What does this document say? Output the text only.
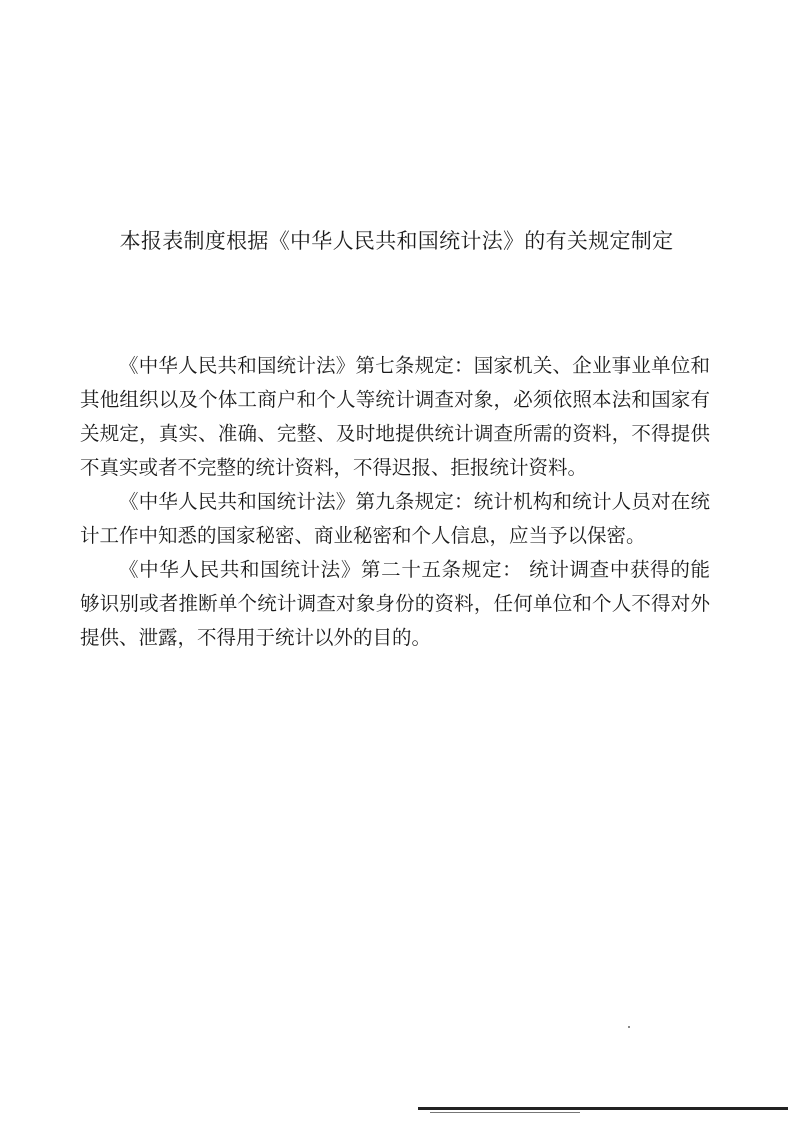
本报表制度根据《中华人民共和国统计法》的有关规定制定

《中华人民共和国统计法》第七条规定：国家机关、企业事业单位和其他组织以及个体工商户和个人等统计调查对象，必须依照本法和国家有关规定，真实、准确、完整、及时地提供统计调查所需的资料，不得提供不真实或者不完整的统计资料，不得迟报、拒报统计资料。

《中华人民共和国统计法》第九条规定：统计机构和统计人员对在统计工作中知悉的国家秘密、商业秘密和个人信息，应当予以保密。

《中华人民共和国统计法》第二十五条规定： 统计调查中获得的能够识别或者推断单个统计调查对象身份的资料，任何单位和个人不得对外提供、泄露，不得用于统计以外的目的。
